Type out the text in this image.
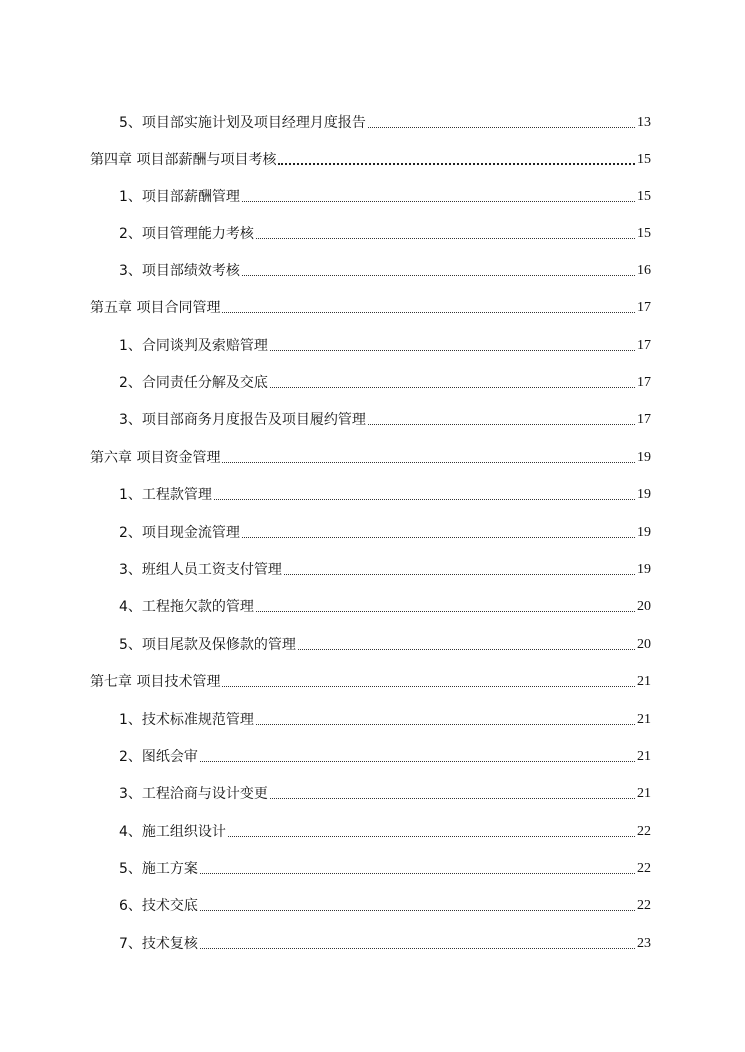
5、项目部实施计划及项目经理月度报告	13
第四章 项目部薪酬与项目考核	15
1、项目部薪酬管理	15
2、项目管理能力考核	15
3、项目部绩效考核	16
第五章 项目合同管理	17
1、合同谈判及索赔管理	17
2、合同责任分解及交底	17
3、项目部商务月度报告及项目履约管理	17
第六章 项目资金管理	19
1、工程款管理	19
2、项目现金流管理	19
3、班组人员工资支付管理	19
4、工程拖欠款的管理	20
5、项目尾款及保修款的管理	20
第七章 项目技术管理	21
1、技术标准规范管理	21
2、图纸会审	21
3、工程洽商与设计变更	21
4、施工组织设计	22
5、施工方案	22
6、技术交底	22
7、技术复核	23
